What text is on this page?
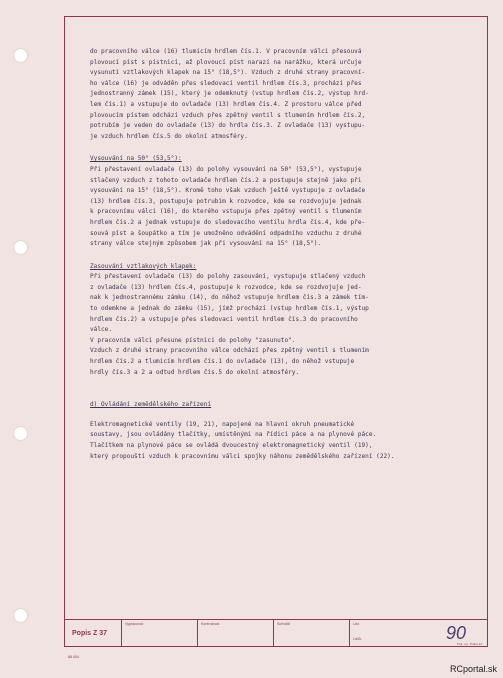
do pracovního válce (16) tlumicím hrdlem čís.1. V pracovním válci přesouvá
plovoucí píst s pístnicí, až plovoucí píst narazí na narážku, která určuje
vysunutí vztlakových klapek na 15° (18,5°). Vzduch z druhé strany pracovní-
ho válce (16) je odváděn přes sledovací ventil hrdlem čís.3, prochází přes
jednostranný zámek (15), který je odemknutý (vstup hrdlem čís.2, výstup hrd-
lem čís.1) a vstupuje do ovladače (13) hrdlem čís.4. Z prostoru válce před
plovoucím pístem odchází vzduch přes zpětný ventil s tlumením hrdlem čís.2,
potrubím je veden do ovladače (13) do hrdla čís.3. Z ovladače (13) vystupu-
je vzduch hrdlem čís.5 do okolní atmosféry.
Vysouvání na 50° (53,5°):
Při přestavení ovladače (13) do polohy vysouvání na 50° (53,5°), vystupuje
stlačený vzduch z tohoto ovladače hrdlem čís.2 a postupuje stejně jako při
vysouvání na 15° (18,5°). Kromě toho však vzduch ještě vystupuje z ovladače
(13) hrdlem čís.3, postupuje potrubím k rozvodce, kde se rozdvojuje jednak
k pracovnímu válci (16), do kterého vstupuje přes zpětný ventil s tlumením
hrdlem čís.2 a jednak vstupuje do sledovacího ventilu hrdla čís.4, kde pře-
souvá píst a šoupátko a tím je umožněno odvádění odpadního vzduchu z druhé
strany válce stejným způsobem jak při vysouvání na 15° (18,5°).
Zasouvání vztlakových klapek:
Při přestavení ovladače (13) do polohy zasouvání, vystupuje stlačený vzduch
z ovladače (13) hrdlem čís.4, postupuje k rozvodce, kde se rozdvojuje jed-
nak k jednostrannému zámku (14), do něhož vstupuje hrdlem čís.3 a zámek tím-
to odemkne a jednak do zámku (15), jímž prochází (vstup hrdlem čís.1, výstup
hrdlem čís.2) a vstupuje přes sledovací ventil hrdlem čís.3 do pracovního
válce.
V pracovním válci přesune pístnici do polohy "zasunuto".
Vzduch z druhé strany pracovního válce odchází přes zpětný ventil s tlumením
hrdlem čís.2 a tlumicím hrdlem čís.1 do ovladače (13), do něhož vstupuje
hrdly čís.3 a 2 a odtud hrdlem čís.5 do okolní atmosféry.
d) Ovládání zemědělského zařízení
Elektromagnetické ventily (19, 21), napojené na hlavní okruh pneumatické
soustavy, jsou ovládány tlačítky, umístěnými na řídicí páce a na plynové páce.
Tlačítkem na plynové páce se ovládá dvoucestný elektromagnetický ventil (19),
který propouští vzduch k pracovnímu válci spojky náhonu zemědělského zařízení (22).
Popis Z 37
Vypracoval:	Kontroloval:	Schválil:	List:
Listů:	90
Tisk, n.p. Praha 42
88 404
RCportal.sk
